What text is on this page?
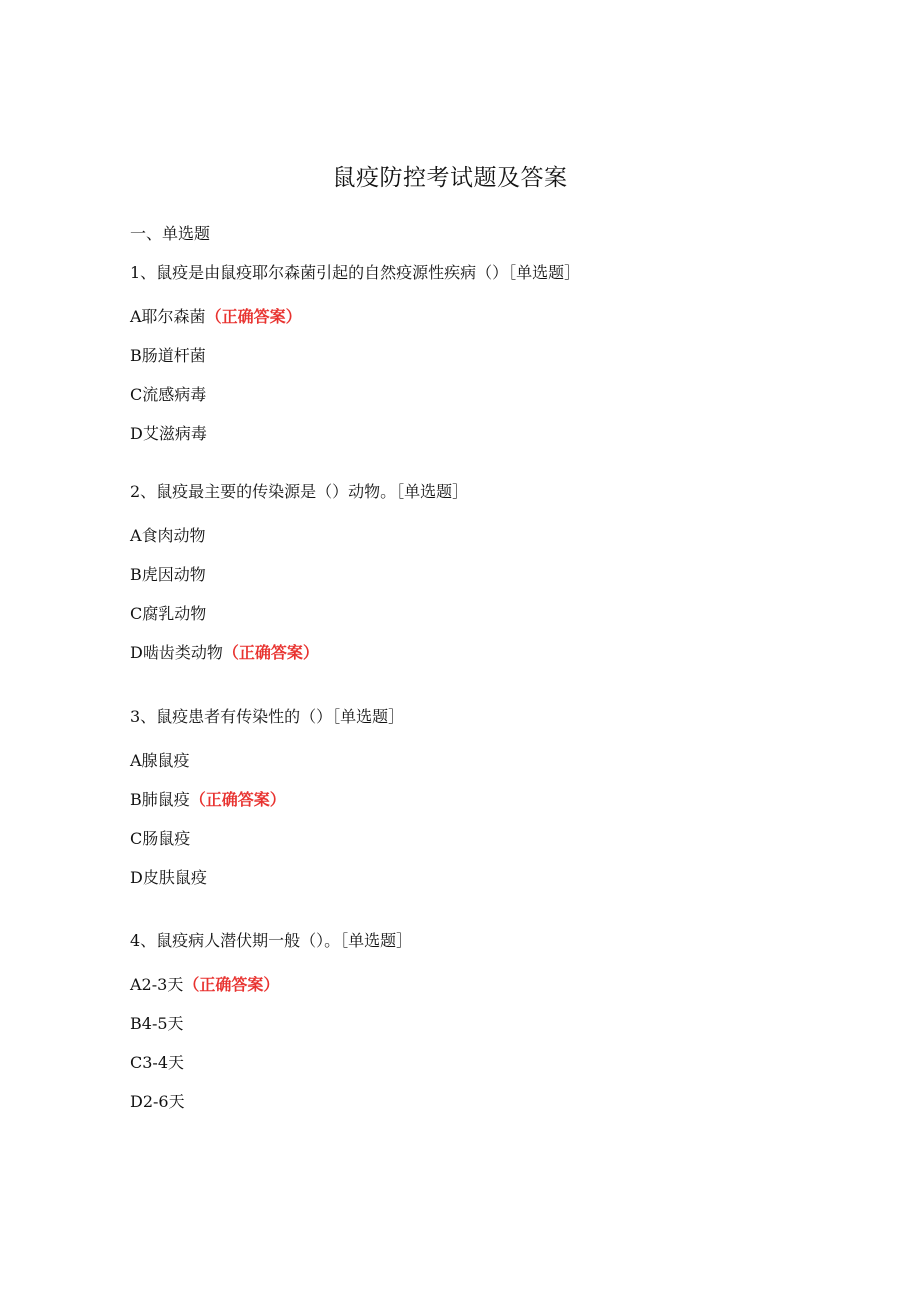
鼠疫防控考试题及答案
一、单选题
1、鼠疫是由鼠疫耶尔森菌引起的自然疫源性疾病（）［单选题］
A耶尔森菌（正确答案）
B肠道杆菌
C流感病毒
D艾滋病毒
2、鼠疫最主要的传染源是（）动物。［单选题］
A食肉动物
B虎因动物
C腐乳动物
D啮齿类动物（正确答案）
3、鼠疫患者有传染性的（）［单选题］
A腺鼠疫
B肺鼠疫（正确答案）
C肠鼠疫
D皮肤鼠疫
4、鼠疫病人潜伏期一般（）。［单选题］
A2-3天（正确答案）
B4-5天
C3-4天
D2-6天
